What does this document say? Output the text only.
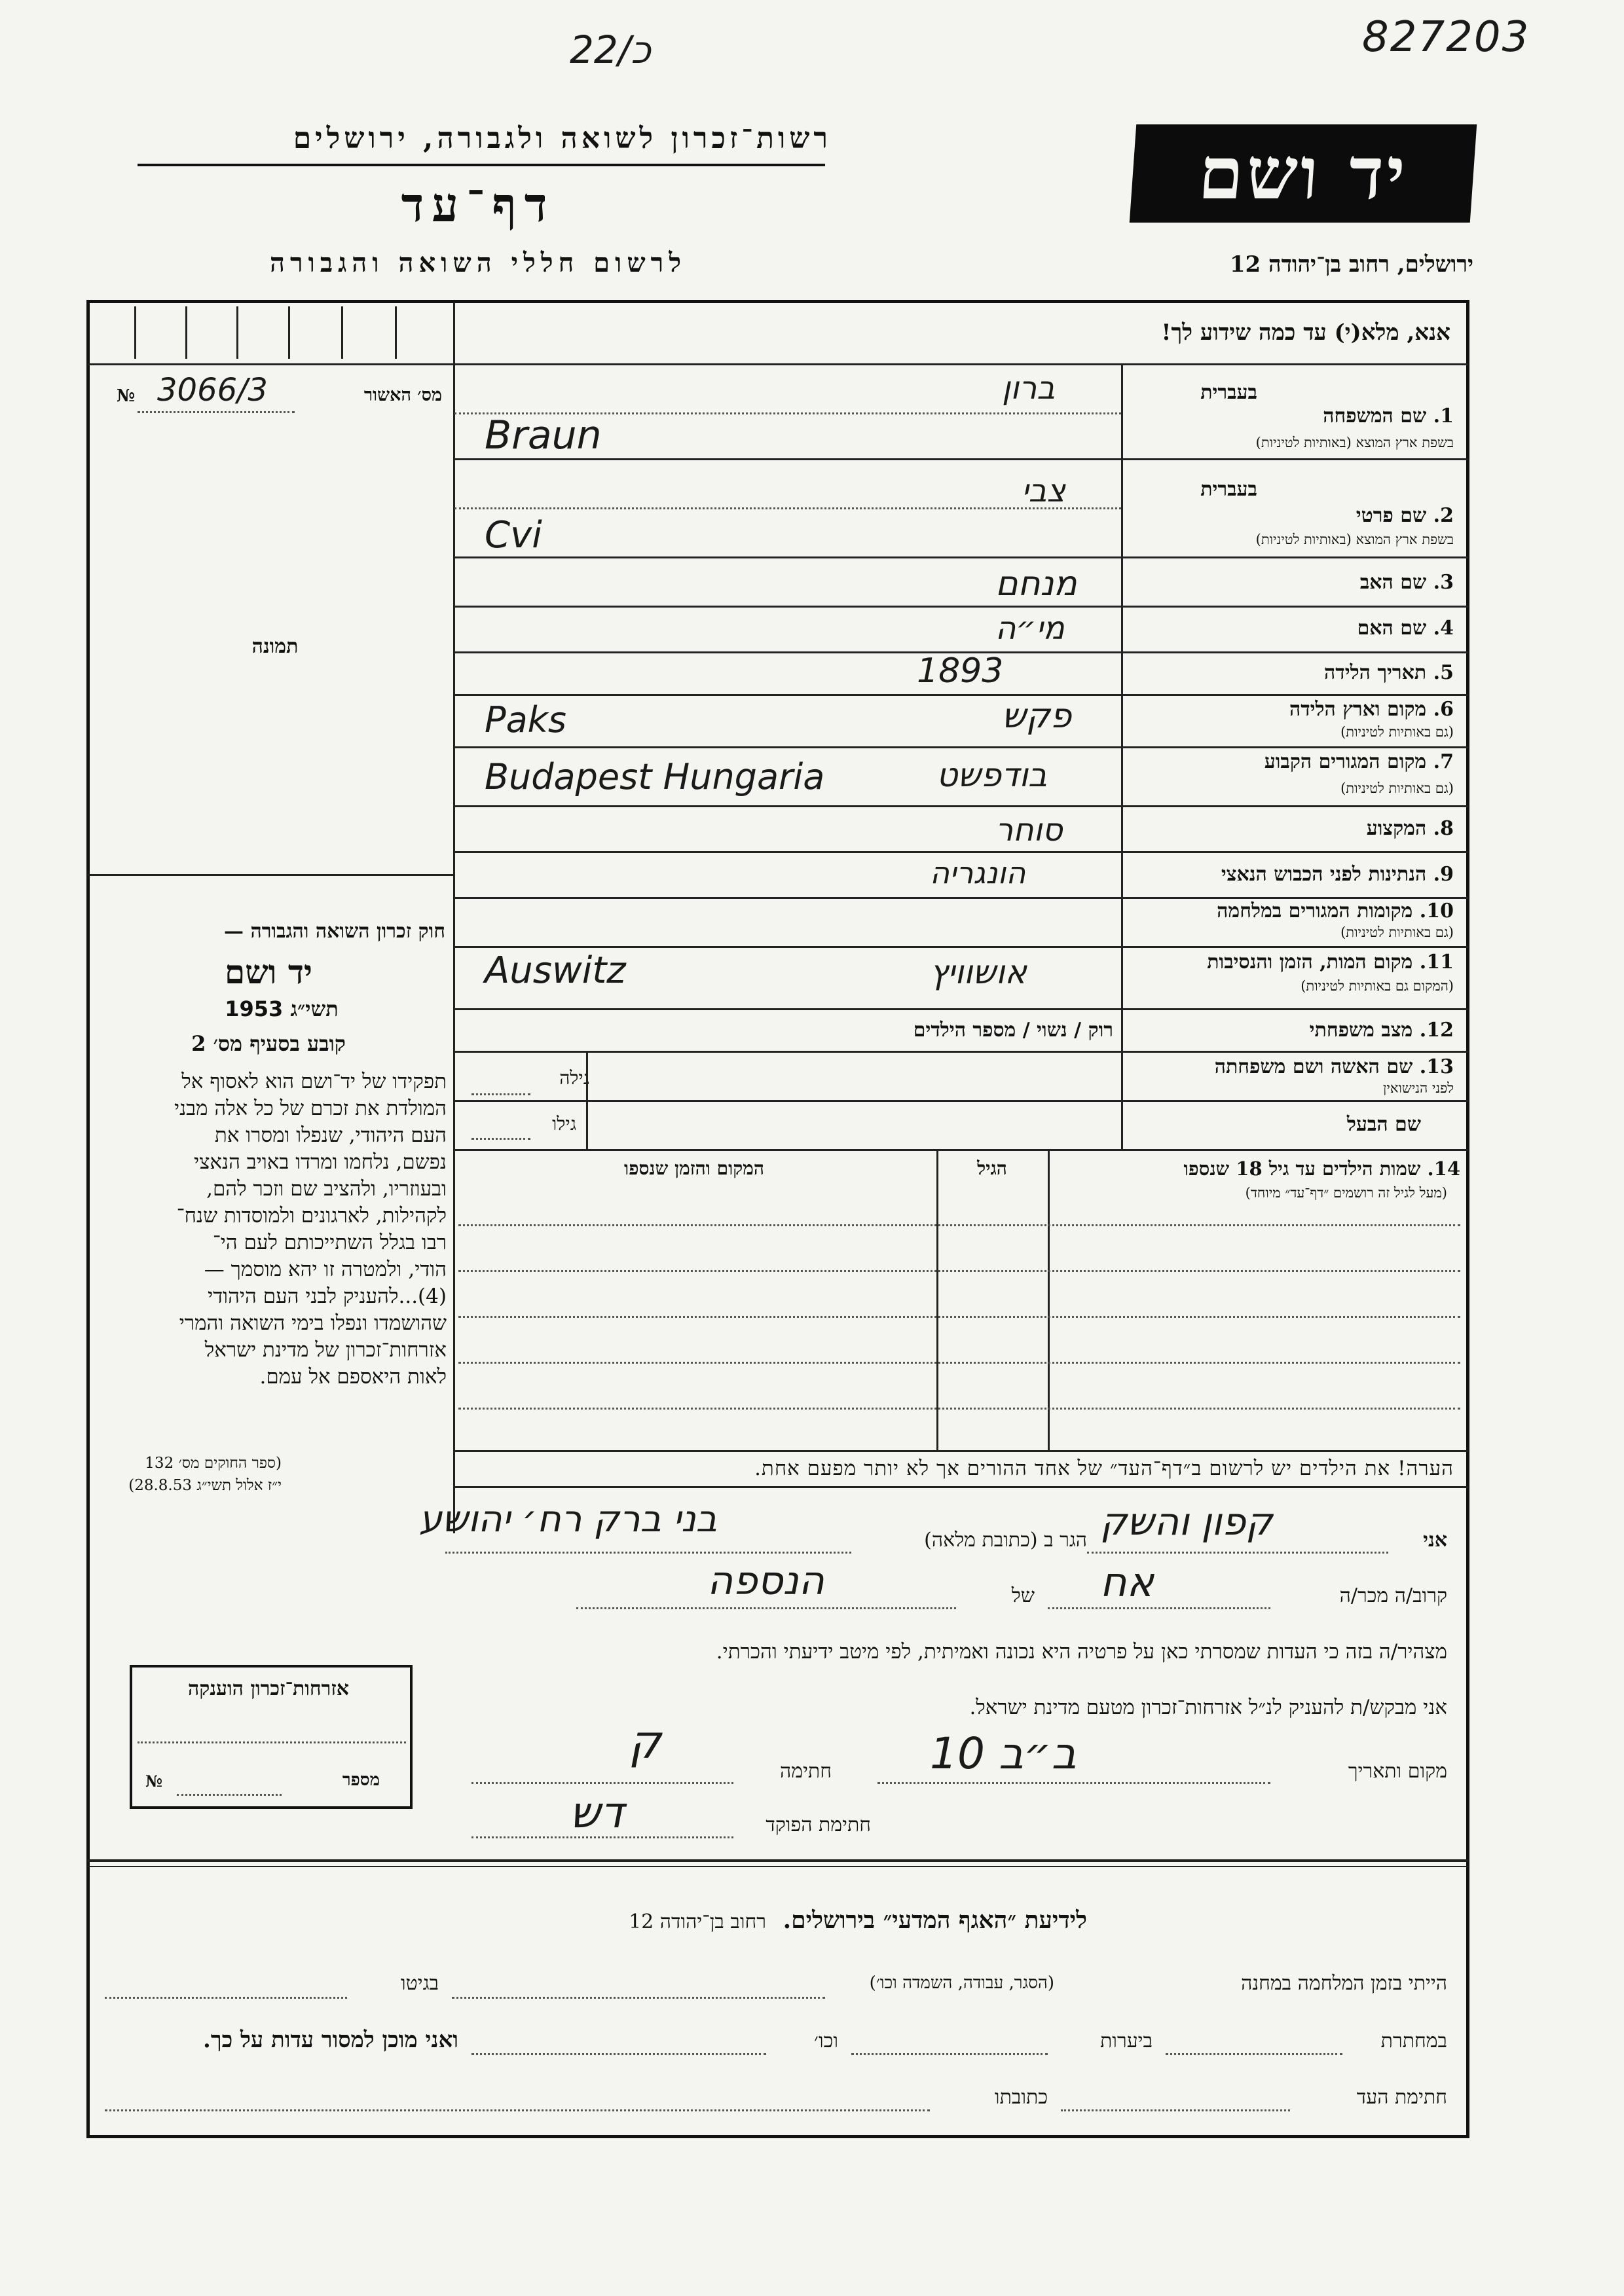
כ/22	827203
רשות־זכרון לשואה ולגבורה, ירושלים
דף־עד
לרשום חללי השואה והגבורה
יד ושם
ירושלים, רחוב בן־יהודה 12
אנא, מלא(י) עד כמה שידוע לך!
№ 3066/3	מס׳ האשור
תמונה
חוק זכרון השואה והגבורה —
יד ושם
תשי״ג 1953
קובע בסעיף מס׳ 2
תפקידו של יד־ושם הוא לאסוף אל
המולדת את זכרם של כל אלה מבני
העם היהודי, שנפלו ומסרו את
נפשם, נלחמו ומרדו באויב הנאצי
ובעוזריו, ולהציב שם וזכר להם,
לקהילות, לארגונים ולמוסדות שנח־
רבו בגלל השתייכותם לעם הי־
הודי, ולמטרה זו יהא מוסמך —
(4)...להעניק לבני העם היהודי
שהושמדו ונפלו בימי השואה והמרי
אזרחות־זכרון של מדינת ישראל
לאות היאספם אל עמם.
(ספר החוקים מס׳ 132
י״ז אלול תשי״ג 28.8.53)
1. שם המשפחה
בשפת ארץ המוצא (באותיות לטיניות)
בעברית
ברון
Braun
2. שם פרטי
בשפת ארץ המוצא (באותיות לטיניות)
בעברית
צבי
Cvi
3. שם האב
מנחם
4. שם האם
מי״ה
5. תאריך הלידה
1893
6. מקום וארץ הלידה
(גם באותיות לטיניות)
פקש
Paks
7. מקום המגורים הקבוע
(גם באותיות לטיניות)
בודפשט
Budapest Hungaria
8. המקצוע
סוחר
9. הנתינות לפני הכבוש הנאצי
הונגריה
10. מקומות המגורים במלחמה
(גם באותיות לטיניות)
11. מקום המות, הזמן והנסיבות
(המקום גם באותיות לטיניות)
אושוויץ
Auswitz
12. מצב משפחתי
רוק / נשוי / מספר הילדים
13. שם האשה ושם משפחתה
לפני הנישואין
גילה
שם הבעל
גילו
14. שמות הילדים עד גיל 18 שנספו
(מעל לגיל זה רושמים ״דף־עד״ מיוחד)
הגיל
המקום והזמן שנספו
הערה! את הילדים יש לרשום ב״דף־העד״ של אחד ההורים אך לא יותר מפעם אחת.
אני
קפון והשק
הגר ב (כתובת מלאה)
בני ברק רח׳ יהושע
קרוב/ה מכר/ה
אח
של
הנספה
מצהיר/ה בזה כי העדות שמסרתי כאן על פרטיה היא נכונה ואמיתית, לפי מיטב ידיעתי והכרתי.
אני מבקש/ת להעניק לנ״ל אזרחות־זכרון מטעם מדינת ישראל.
מקום ותאריך
ב״ב 10
חתימה
ק
חתימת הפוקד
דש
אזרחות־זכרון הוענקה
№	מספר
לידיעת ״האגף המדעי״ בירושלים. רחוב בן־יהודה 12
הייתי בזמן המלחמה במחנה
(הסגר, עבודה, השמדה וכו׳)
בגיטו
במחתרת
ביערות
וכו׳
ואני מוכן למסור עדות על כך.
חתימת העד
כתובתו
